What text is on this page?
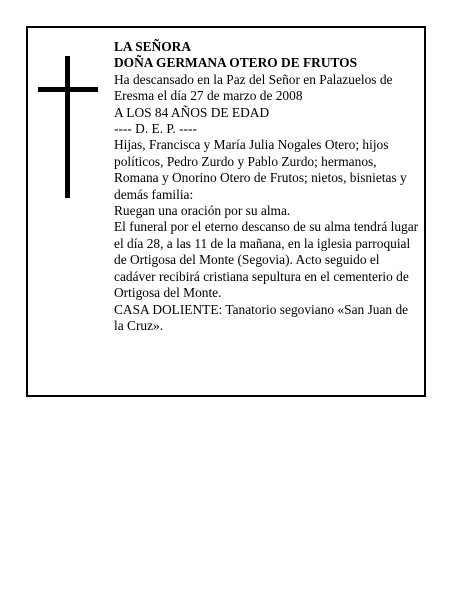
LA SEÑORA

DOÑA GERMANA OTERO DE FRUTOS

Ha descansado en la Paz del Señor en Palazuelos de Eresma el día 27 de marzo de 2008

A LOS 84 AÑOS DE EDAD

---- D. E. P. ----

Hijas, Francisca y María Julia Nogales Otero; hijos políticos, Pedro Zurdo y Pablo Zurdo; hermanos, Romana y Onorino Otero de Frutos; nietos, bisnietas y demás familia:

Ruegan una oración por su alma.

El funeral por el eterno descanso de su alma tendrá lugar el día 28, a las 11 de la mañana, en la iglesia parroquial de Ortigosa del Monte (Segovia). Acto seguido el cadáver recibirá cristiana sepultura en el cementerio de Ortigosa del Monte.

CASA DOLIENTE: Tanatorio segoviano «San Juan de la Cruz».
